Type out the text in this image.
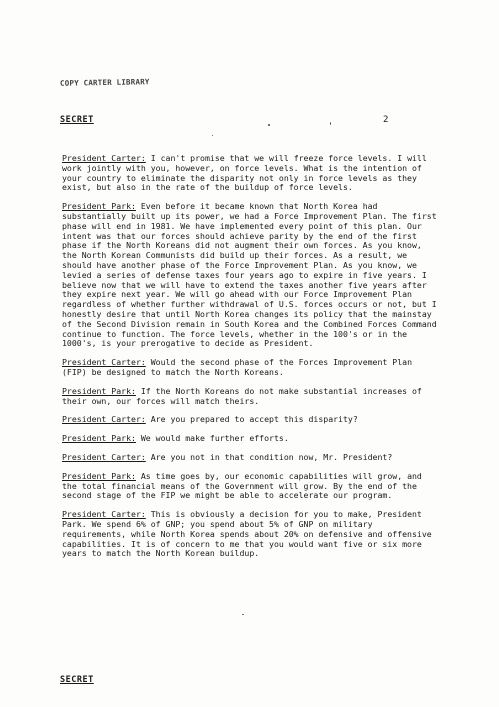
COPY CARTER LIBRARY
SECRET	2

President Carter: I can't promise that we will freeze force levels. I will work jointly with you, however, on force levels. What is the intention of your country to eliminate the disparity not only in force levels as they exist, but also in the rate of the buildup of force levels.

President Park: Even before it became known that North Korea had substantially built up its power, we had a Force Improvement Plan. The first phase will end in 1981. We have implemented every point of this plan. Our intent was that our forces should achieve parity by the end of the first phase if the North Koreans did not augment their own forces. As you know, the North Korean Communists did build up their forces. As a result, we should have another phase of the Force Improvement Plan. As you know, we levied a series of defense taxes four years ago to expire in five years. I believe now that we will have to extend the taxes another five years after they expire next year. We will go ahead with our Force Improvement Plan regardless of whether further withdrawal of U.S. forces occurs or not, but I honestly desire that until North Korea changes its policy that the mainstay of the Second Division remain in South Korea and the Combined Forces Command continue to function. The force levels, whether in the 100's or in the 1000's, is your prerogative to decide as President.

President Carter: Would the second phase of the Forces Improvement Plan (FIP) be designed to match the North Koreans.

President Park: If the North Koreans do not make substantial increases of their own, our forces will match theirs.

President Carter: Are you prepared to accept this disparity?

President Park: We would make further efforts.

President Carter: Are you not in that condition now, Mr. President?

President Park: As time goes by, our economic capabilities will grow, and the total financial means of the Government will grow. By the end of the second stage of the FIP we might be able to accelerate our program.

President Carter: This is obviously a decision for you to make, President Park. We spend 6% of GNP; you spend about 5% of GNP on military requirements, while North Korea spends about 20% on defensive and offensive capabilities. It is of concern to me that you would want five or six more years to match the North Korean buildup.

SECRET
